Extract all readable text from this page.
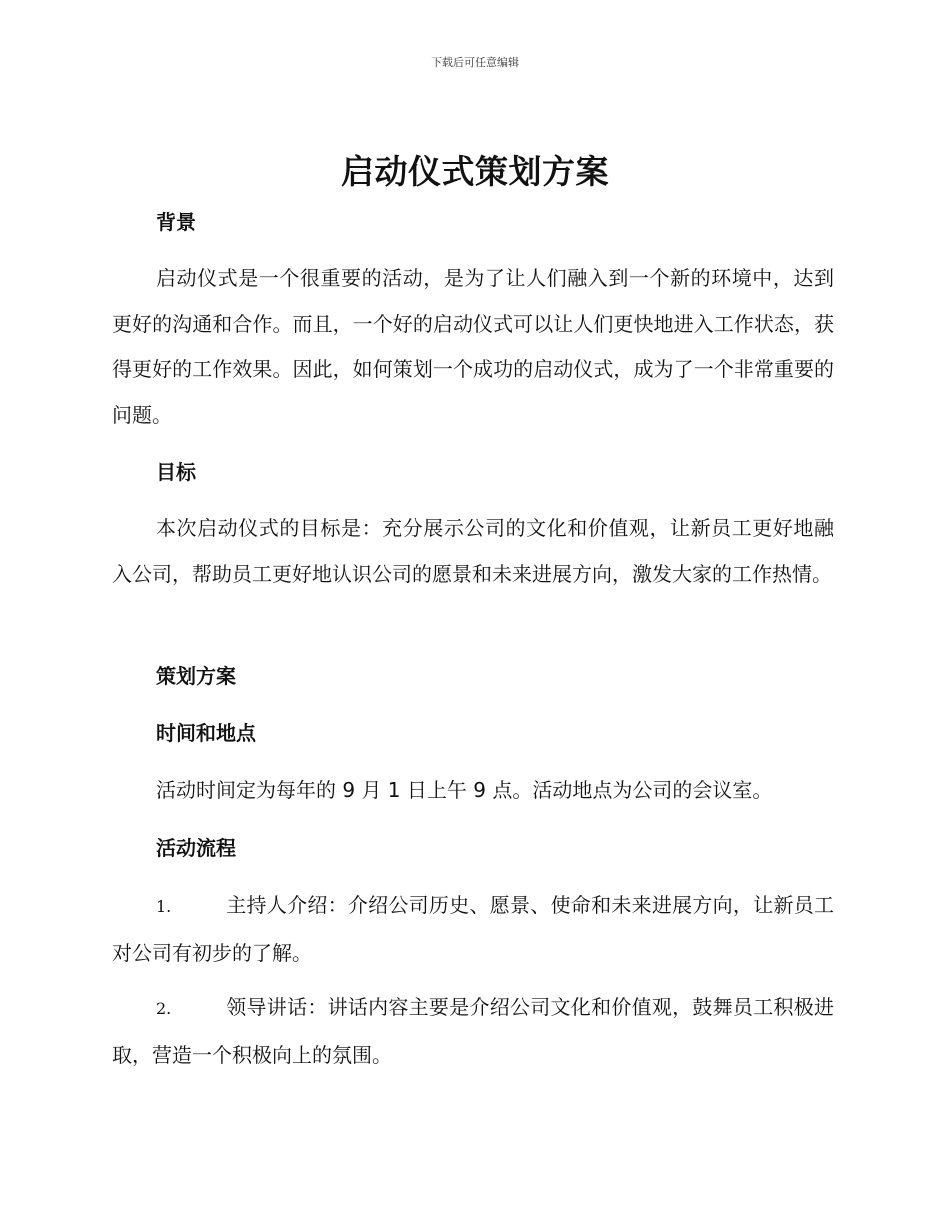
下载后可任意编辑
启动仪式策划方案
背景
启动仪式是一个很重要的活动，是为了让人们融入到一个新的环境中，达到更好的沟通和合作。而且，一个好的启动仪式可以让人们更快地进入工作状态，获得更好的工作效果。因此，如何策划一个成功的启动仪式，成为了一个非常重要的问题。
目标
本次启动仪式的目标是：充分展示公司的文化和价值观，让新员工更好地融入公司，帮助员工更好地认识公司的愿景和未来进展方向，激发大家的工作热情。
策划方案
时间和地点
活动时间定为每年的 9 月 1 日上午 9 点。活动地点为公司的会议室。
活动流程
1.	主持人介绍：介绍公司历史、愿景、使命和未来进展方向，让新员工对公司有初步的了解。
2.	领导讲话：讲话内容主要是介绍公司文化和价值观，鼓舞员工积极进取，营造一个积极向上的氛围。
